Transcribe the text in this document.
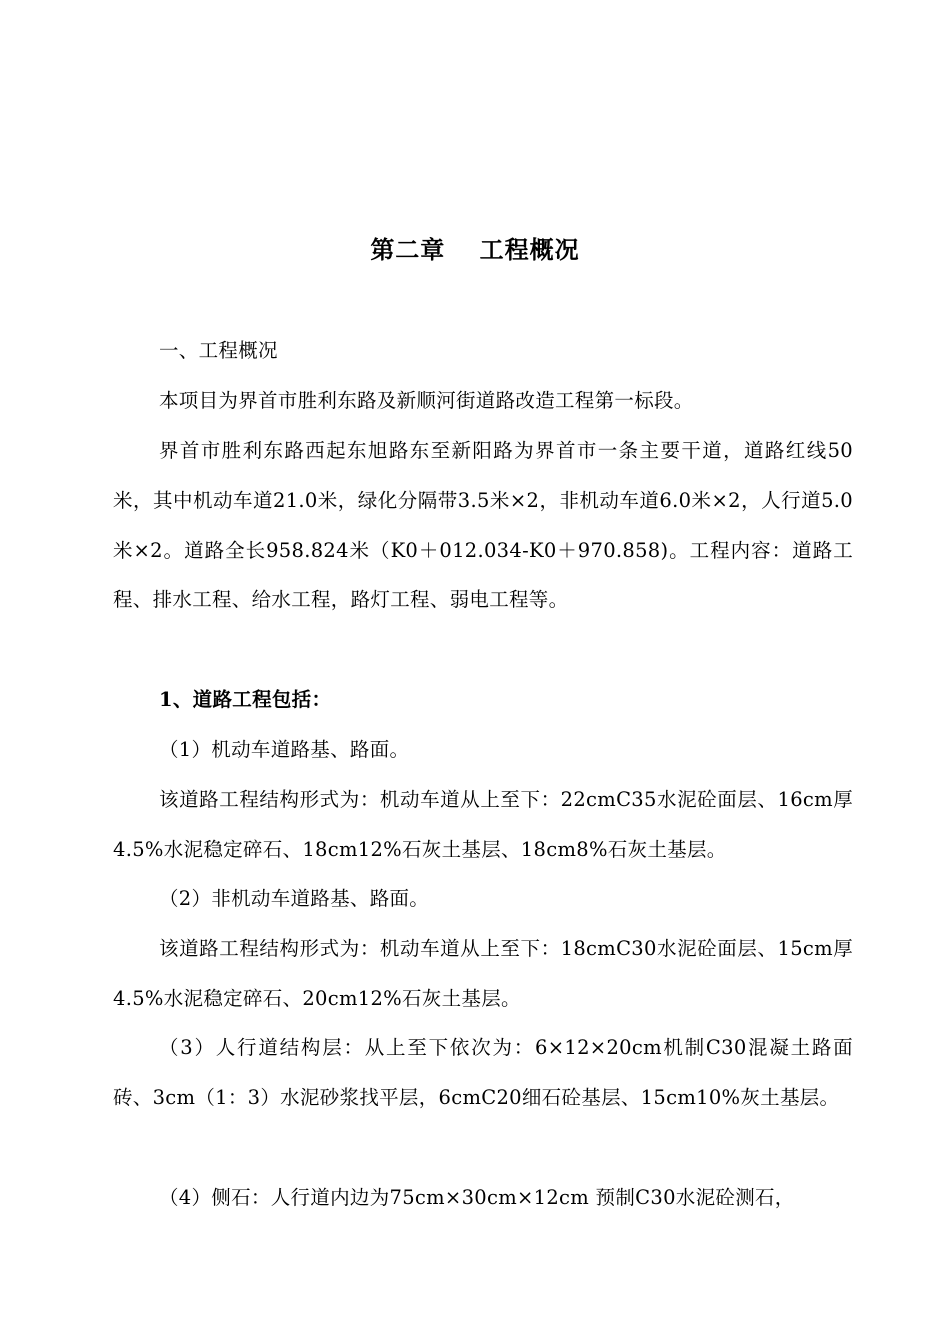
第二章　 工程概况

一、工程概况

本项目为界首市胜利东路及新顺河街道路改造工程第一标段。

界首市胜利东路西起东旭路东至新阳路为界首市一条主要干道，道路红线50米，其中机动车道21.0米，绿化分隔带3.5米×2，非机动车道6.0米×2，人行道5.0米×2。道路全长958.824米（K0＋012.034-K0＋970.858)。工程内容：道路工程、排水工程、给水工程，路灯工程、弱电工程等。

1、道路工程包括：

（1）机动车道路基、路面。

该道路工程结构形式为：机动车道从上至下：22cmC35水泥砼面层、16cm厚4.5%水泥稳定碎石、18cm12%石灰土基层、18cm8%石灰土基层。

（2）非机动车道路基、路面。

该道路工程结构形式为：机动车道从上至下：18cmC30水泥砼面层、15cm厚4.5%水泥稳定碎石、20cm12%石灰土基层。

（3）人行道结构层：从上至下依次为：6×12×20cm机制C30混凝土路面砖、3cm（1：3）水泥砂浆找平层，6cmC20细石砼基层、15cm10%灰土基层。

（4）侧石：人行道内边为75cm×30cm×12cm 预制C30水泥砼测石，
